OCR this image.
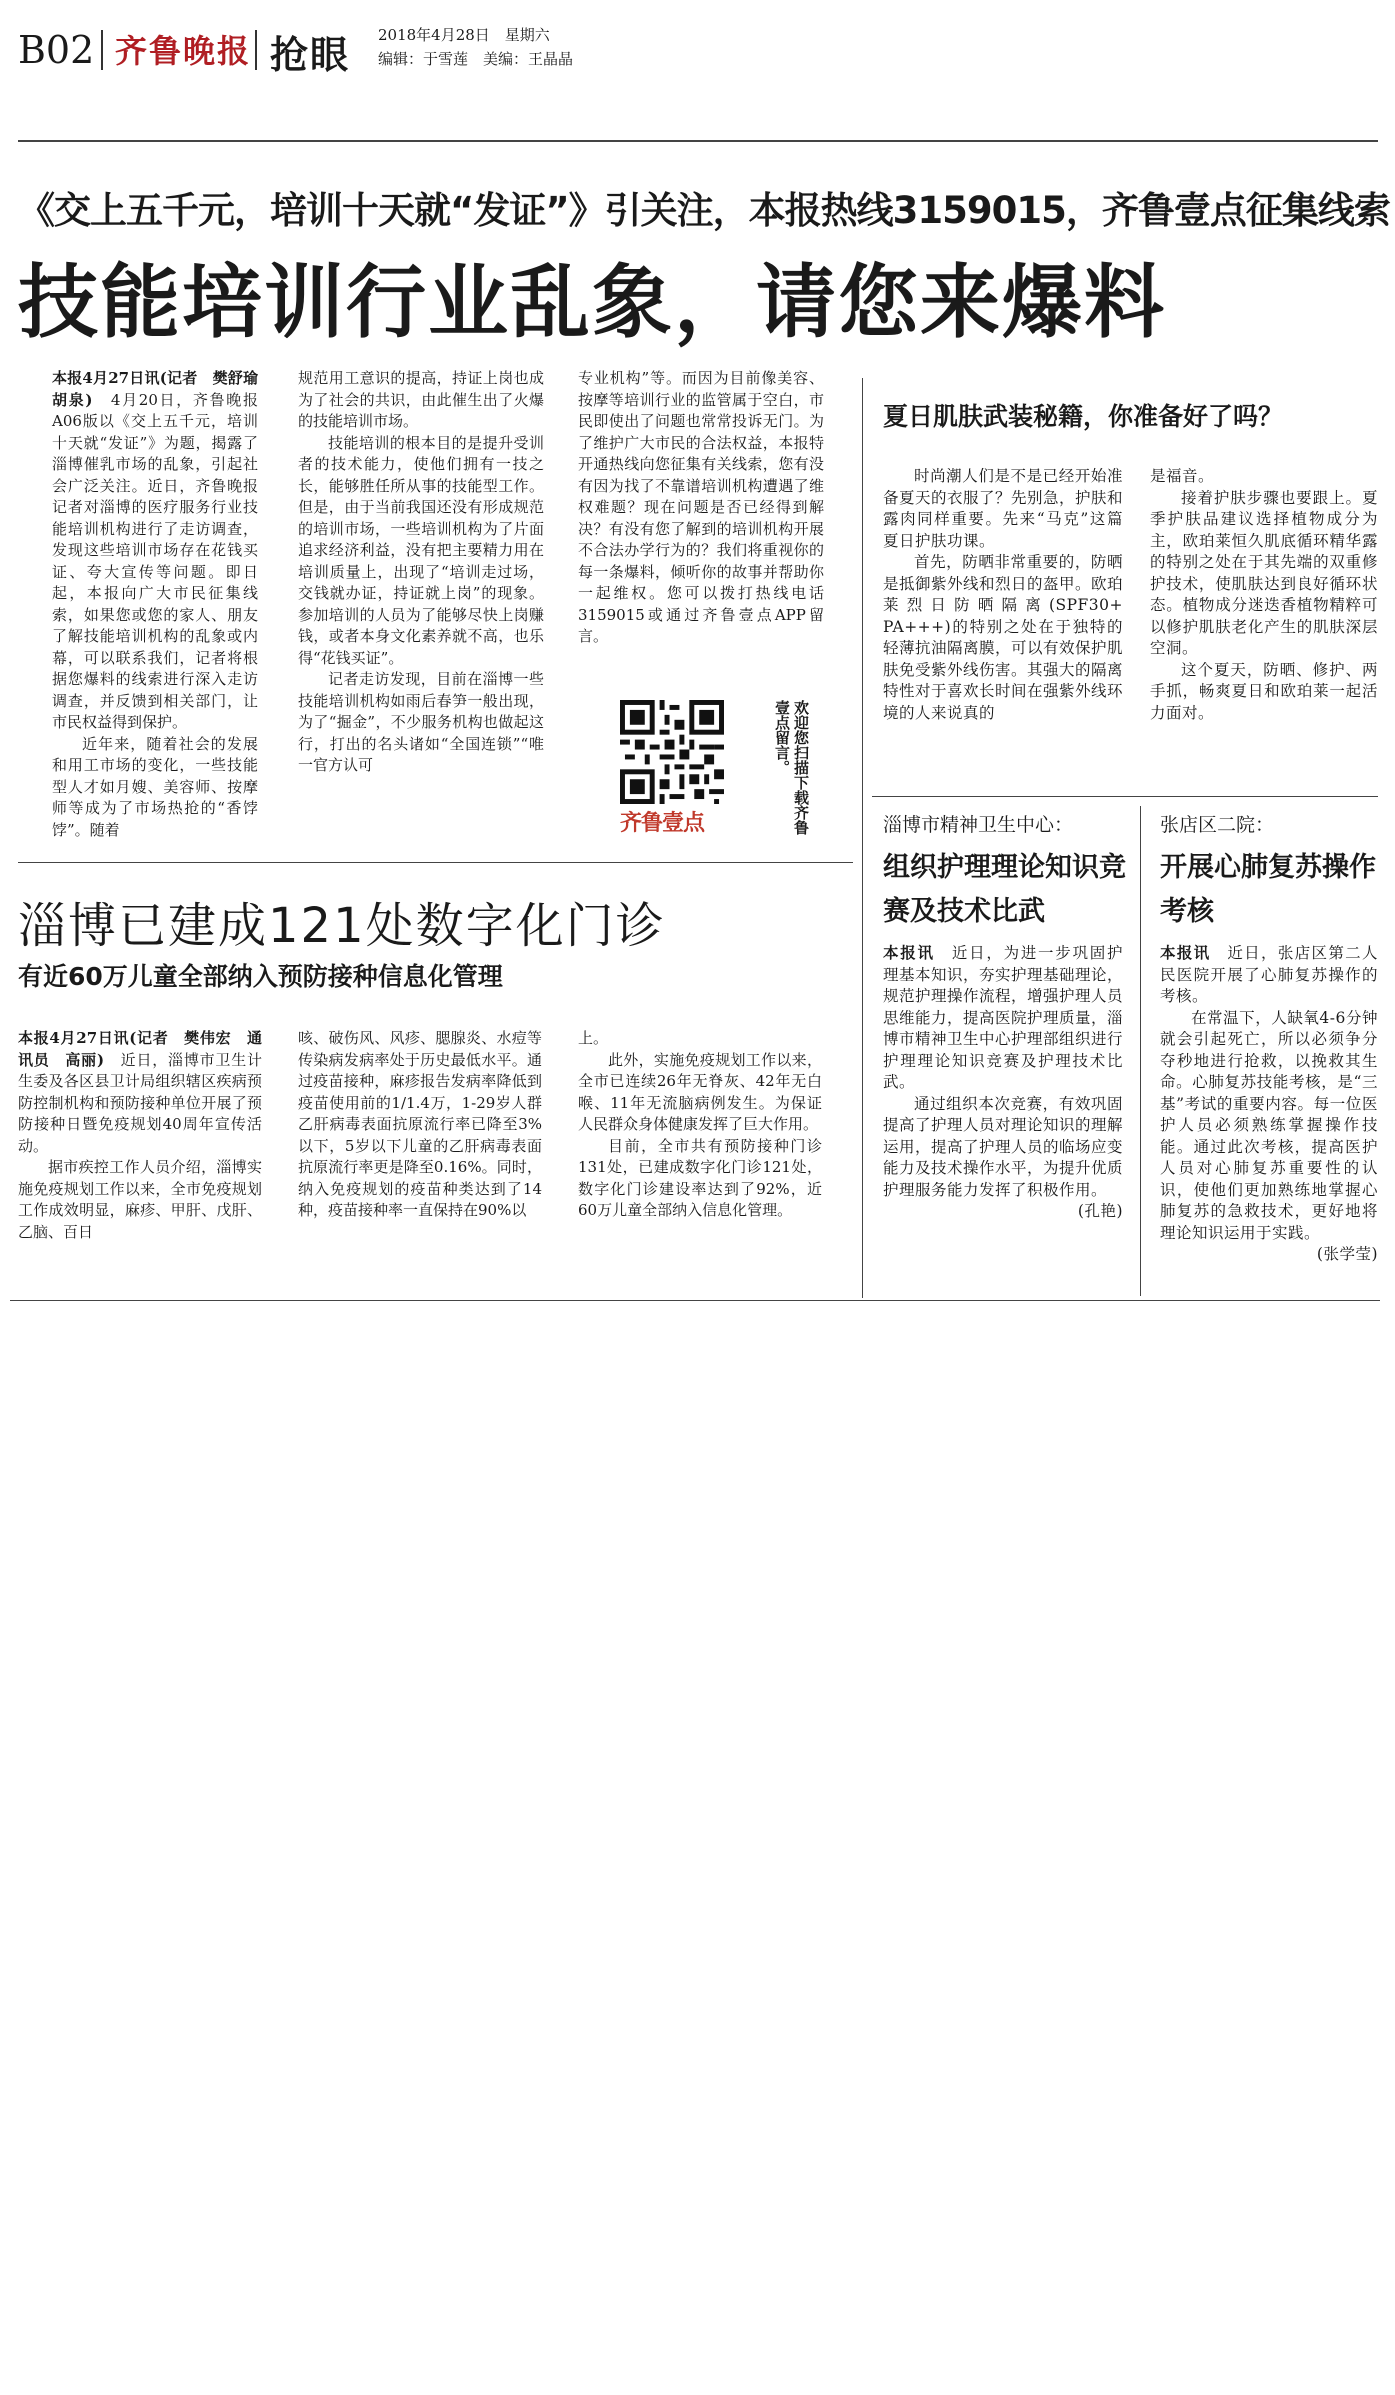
B02 齐鲁晚报 抢眼 2018年4月28日　星期六
编辑：于雪莲　美编：王晶晶
《交上五千元，培训十天就“发证”》引关注，本报热线3159015，齐鲁壹点征集线索
技能培训行业乱象，请您来爆料

本报4月27日讯(记者　樊舒瑜　胡泉)　4月20日，齐鲁晚报A06版以《交上五千元，培训十天就“发证”》为题，揭露了淄博催乳市场的乱象，引起社会广泛关注。近日，齐鲁晚报记者对淄博的医疗服务行业技能培训机构进行了走访调查，发现这些培训市场存在花钱买证、夸大宣传等问题。即日起，本报向广大市民征集线索，如果您或您的家人、朋友了解技能培训机构的乱象或内幕，可以联系我们，记者将根据您爆料的线索进行深入走访调查，并反馈到相关部门，让市民权益得到保护。

近年来，随着社会的发展和用工市场的变化，一些技能型人才如月嫂、美容师、按摩师等成为了市场热抢的“香饽饽”。随着

规范用工意识的提高，持证上岗也成为了社会的共识，由此催生出了火爆的技能培训市场。

技能培训的根本目的是提升受训者的技术能力，使他们拥有一技之长，能够胜任所从事的技能型工作。但是，由于当前我国还没有形成规范的培训市场，一些培训机构为了片面追求经济利益，没有把主要精力用在培训质量上，出现了“培训走过场，交钱就办证，持证就上岗”的现象。参加培训的人员为了能够尽快上岗赚钱，或者本身文化素养就不高，也乐得“花钱买证”。

记者走访发现，目前在淄博一些技能培训机构如雨后春笋一般出现，为了“掘金”，不少服务机构也做起这行，打出的名头诸如“全国连锁”“唯一官方认可

专业机构”等。而因为目前像美容、按摩等培训行业的监管属于空白，市民即使出了问题也常常投诉无门。为了维护广大市民的合法权益，本报特开通热线向您征集有关线索，您有没有因为找了不靠谱培训机构遭遇了维权难题？现在问题是否已经得到解决？有没有您了解到的培训机构开展不合法办学行为的？我们将重视你的每一条爆料，倾听你的故事并帮助你一起维权。您可以拨打热线电话3159015或通过齐鲁壹点APP留言。

齐鲁壹点	欢迎您扫描下载齐鲁壹点留言。
淄博已建成121处数字化门诊
有近60万儿童全部纳入预防接种信息化管理

本报4月27日讯(记者　樊伟宏　通讯员　高丽)　近日，淄博市卫生计生委及各区县卫计局组织辖区疾病预防控制机构和预防接种单位开展了预防接种日暨免疫规划40周年宣传活动。

据市疾控工作人员介绍，淄博实施免疫规划工作以来，全市免疫规划工作成效明显，麻疹、甲肝、戊肝、乙脑、百日

咳、破伤风、风疹、腮腺炎、水痘等传染病发病率处于历史最低水平。通过疫苗接种，麻疹报告发病率降低到疫苗使用前的1/1.4万，1-29岁人群乙肝病毒表面抗原流行率已降至3%以下，5岁以下儿童的乙肝病毒表面抗原流行率更是降至0.16%。同时，纳入免疫规划的疫苗种类达到了14种，疫苗接种率一直保持在90%以

上。

此外，实施免疫规划工作以来，全市已连续26年无脊灰、42年无白喉、11年无流脑病例发生。为保证人民群众身体健康发挥了巨大作用。

目前，全市共有预防接种门诊131处，已建成数字化门诊121处，数字化门诊建设率达到了92%，近60万儿童全部纳入信息化管理。

夏日肌肤武装秘籍，你准备好了吗？

时尚潮人们是不是已经开始准备夏天的衣服了？先别急，护肤和露肉同样重要。先来“马克”这篇夏日护肤功课。

首先，防晒非常重要的，防晒是抵御紫外线和烈日的盔甲。欧珀莱烈日防晒隔离(SPF30+　PA+++)的特别之处在于独特的轻薄抗油隔离膜，可以有效保护肌肤免受紫外线伤害。其强大的隔离特性对于喜欢长时间在强紫外线环境的人来说真的

是福音。

接着护肤步骤也要跟上。夏季护肤品建议选择植物成分为主，欧珀莱恒久肌底循环精华露的特别之处在于其先端的双重修护技术，使肌肤达到良好循环状态。植物成分迷迭香植物精粹可以修护肌肤老化产生的肌肤深层空洞。

这个夏天，防晒、修护、两手抓，畅爽夏日和欧珀莱一起活力面对。

淄博市精神卫生中心：
组织护理理论知识竞赛及技术比武

本报讯　近日，为进一步巩固护理基本知识，夯实护理基础理论，规范护理操作流程，增强护理人员思维能力，提高医院护理质量，淄博市精神卫生中心护理部组织进行护理理论知识竞赛及护理技术比武。

通过组织本次竞赛，有效巩固提高了护理人员对理论知识的理解运用，提高了护理人员的临场应变能力及技术操作水平，为提升优质护理服务能力发挥了积极作用。

(孔艳)

张店区二院：
开展心肺复苏操作考核

本报讯　近日，张店区第二人民医院开展了心肺复苏操作的考核。

在常温下，人缺氧4-6分钟就会引起死亡，所以必须争分夺秒地进行抢救，以挽救其生命。心肺复苏技能考核，是“三基”考试的重要内容。每一位医护人员必须熟练掌握操作技能。通过此次考核，提高医护人员对心肺复苏重要性的认识，使他们更加熟练地掌握心肺复苏的急救技术，更好地将理论知识运用于实践。

(张学莹)
